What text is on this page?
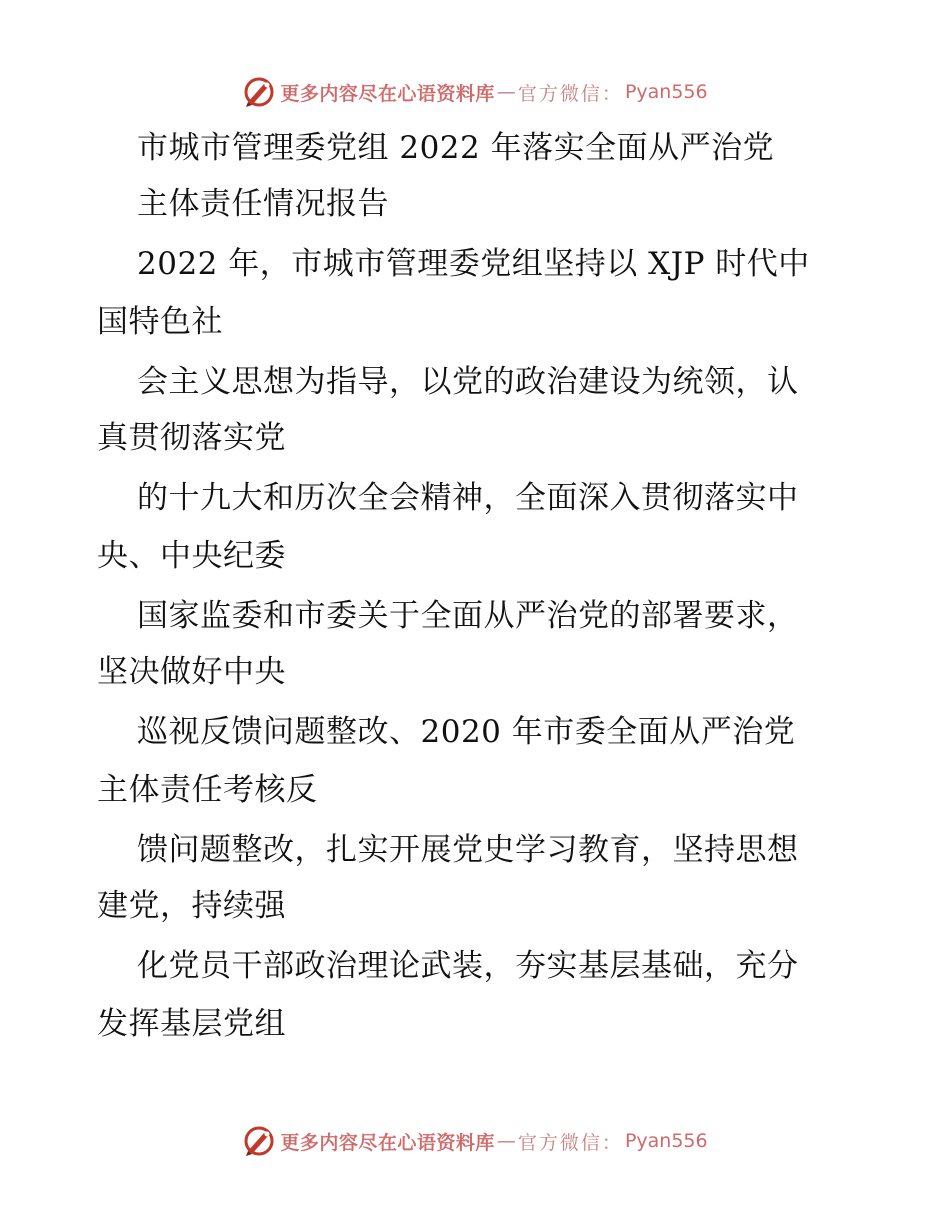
更多内容尽在心语资料库 — 官方微信： Pyan556
市城市管理委党组 2022 年落实全面从严治党
主体责任情况报告
2022 年，市城市管理委党组坚持以 XJP 时代中
国特色社
会主义思想为指导，以党的政治建设为统领，认
真贯彻落实党
的十九大和历次全会精神，全面深入贯彻落实中
央、中央纪委
国家监委和市委关于全面从严治党的部署要求，
坚决做好中央
巡视反馈问题整改、2020 年市委全面从严治党
主体责任考核反
馈问题整改，扎实开展党史学习教育，坚持思想
建党，持续强
化党员干部政治理论武装，夯实基层基础，充分
发挥基层党组
更多内容尽在心语资料库 — 官方微信： Pyan556
